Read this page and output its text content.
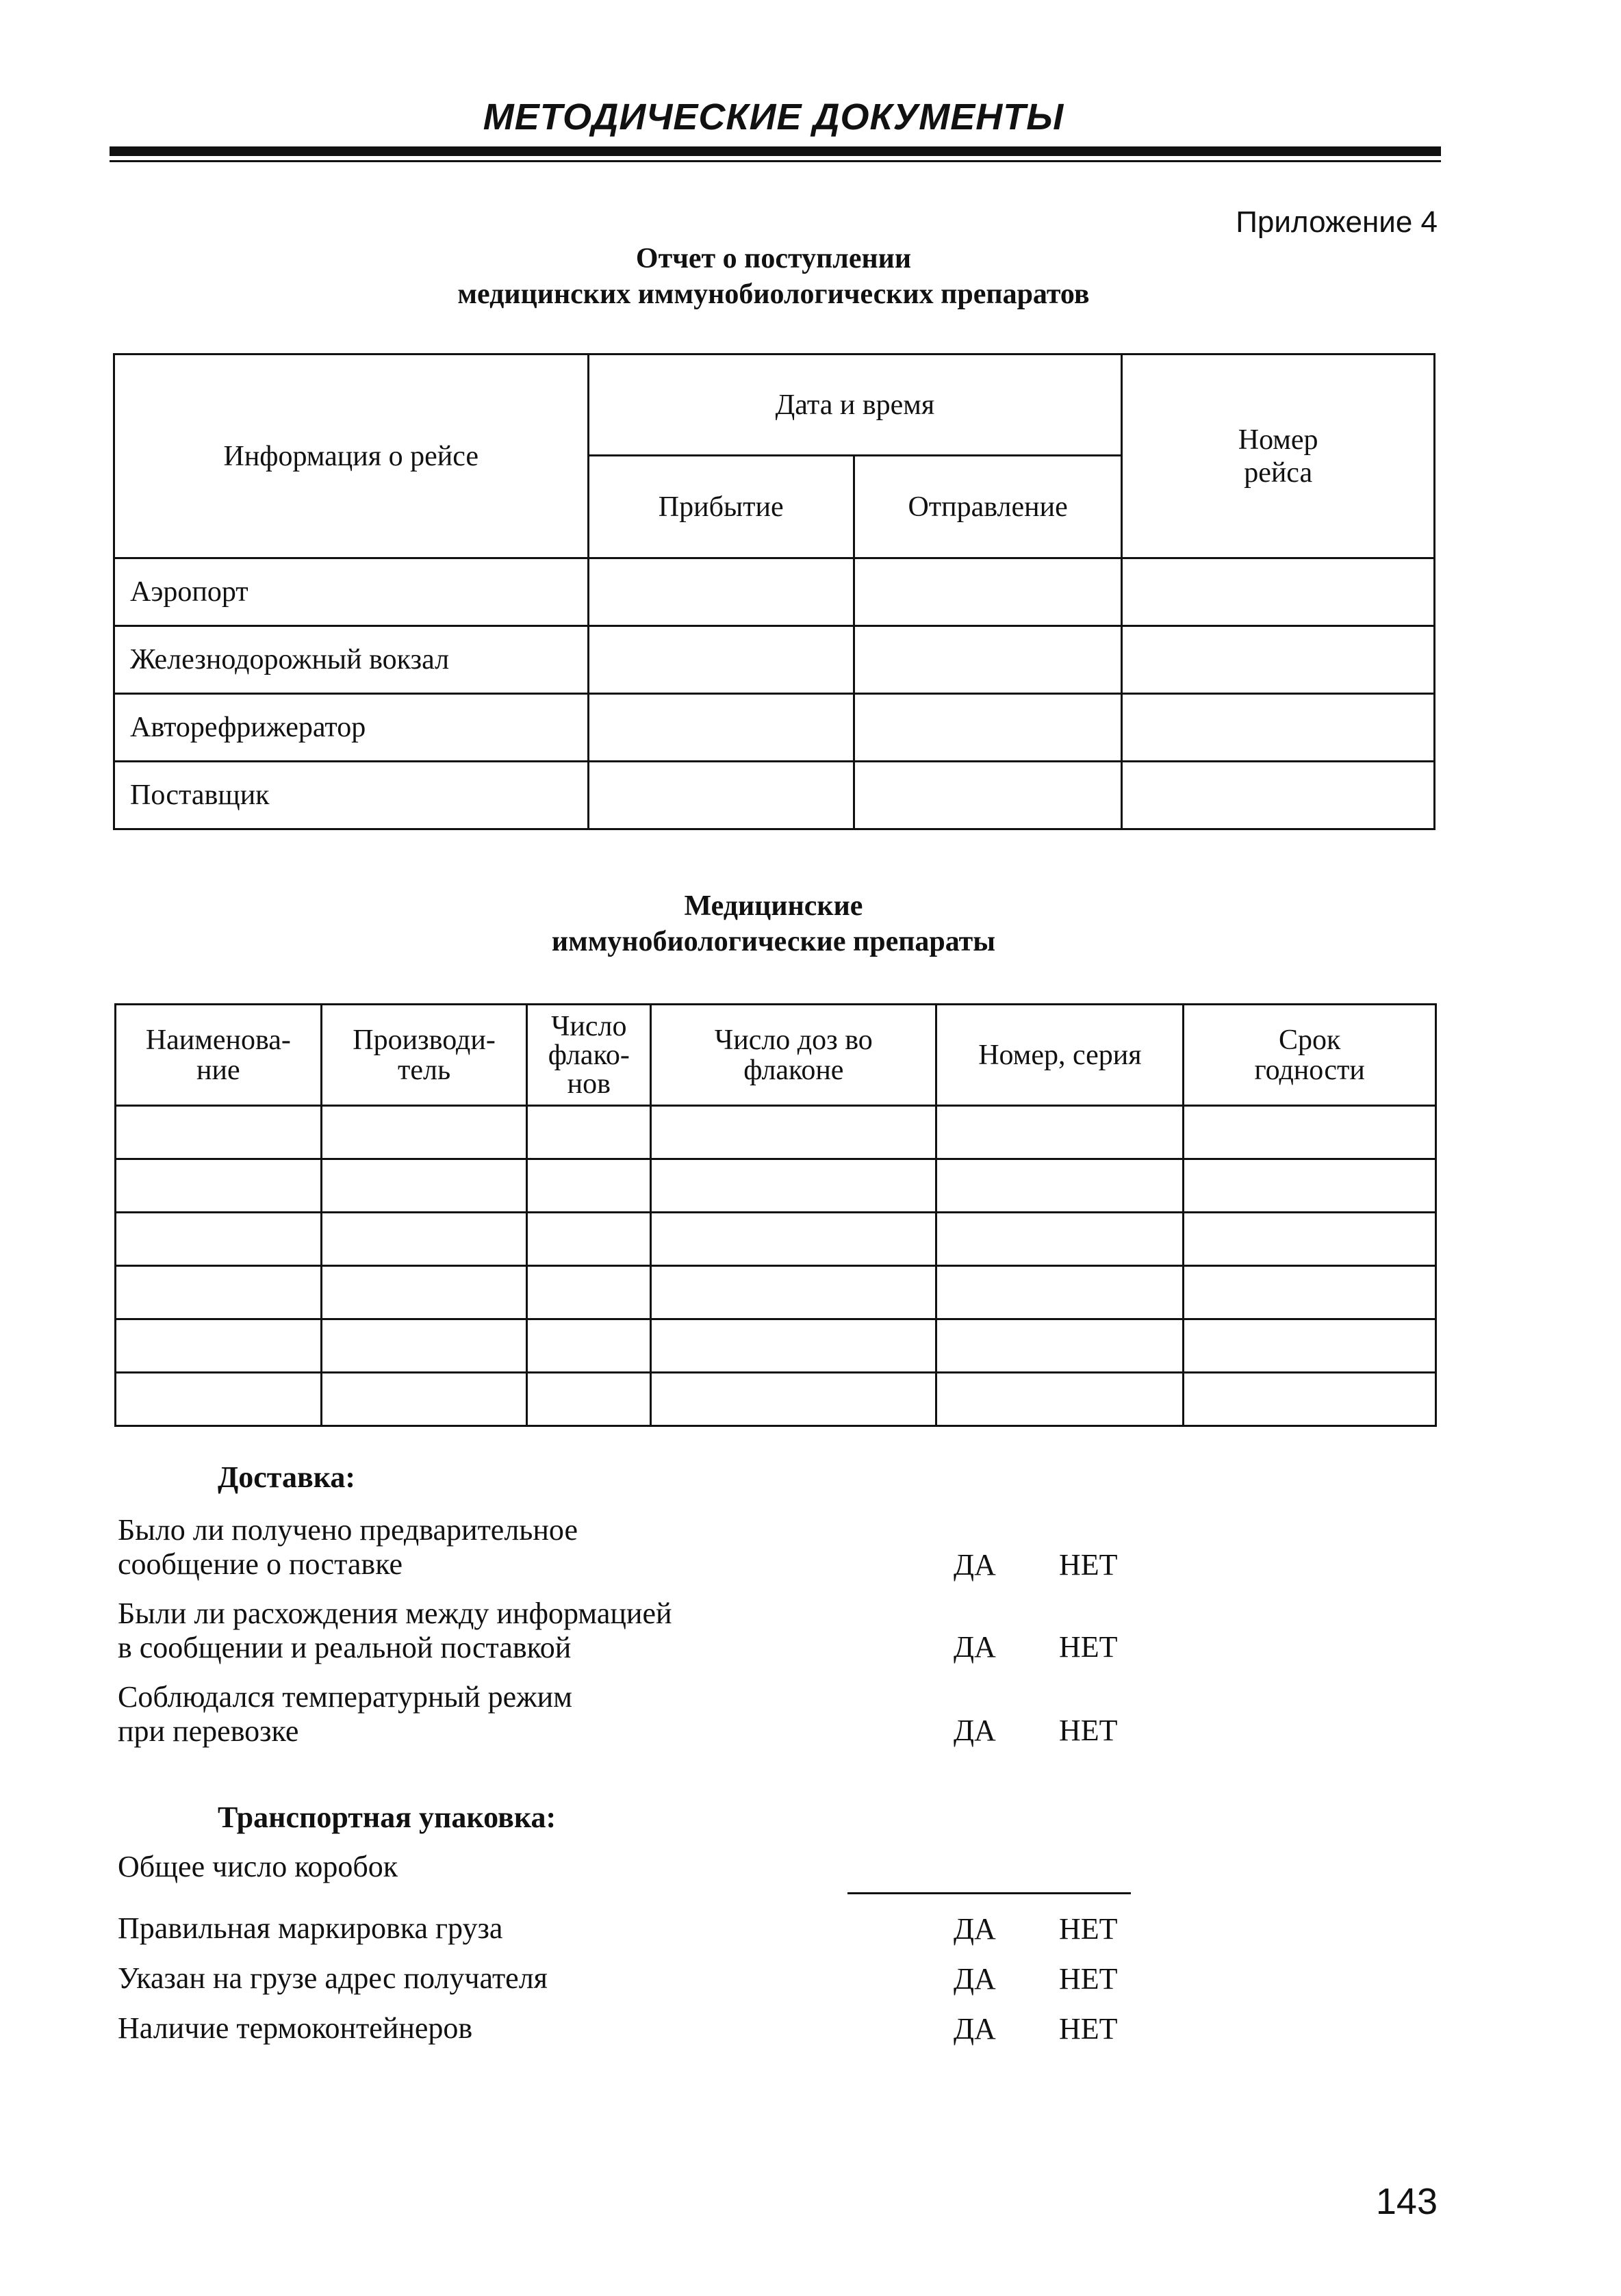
МЕТОДИЧЕСКИЕ ДОКУМЕНТЫ
Приложение 4
Отчет о поступлении
медицинских иммунобиологических препаратов
Информация о рейсе	Дата и время		Номер рейса
	Прибытие	Отправление	
Аэропорт			
Железнодорожный вокзал			
Авторефрижератор			
Поставщик			
Медицинские
иммунобиологические препараты
Наименова- ние	Производи- тель	Число флако- нов	Число доз во флаконе	Номер, серия	Срок годности

Доставка:
Было ли получено предварительное
сообщение о поставке	ДА НЕТ
Были ли расхождения между информацией
в сообщении и реальной поставкой	ДА НЕТ
Соблюдался температурный режим
при перевозке	ДА НЕТ
Транспортная упаковка:
Общее число коробок
Правильная маркировка груза	ДА НЕТ
Указан на грузе адрес получателя	ДА НЕТ
Наличие термоконтейнеров	ДА НЕТ
143
